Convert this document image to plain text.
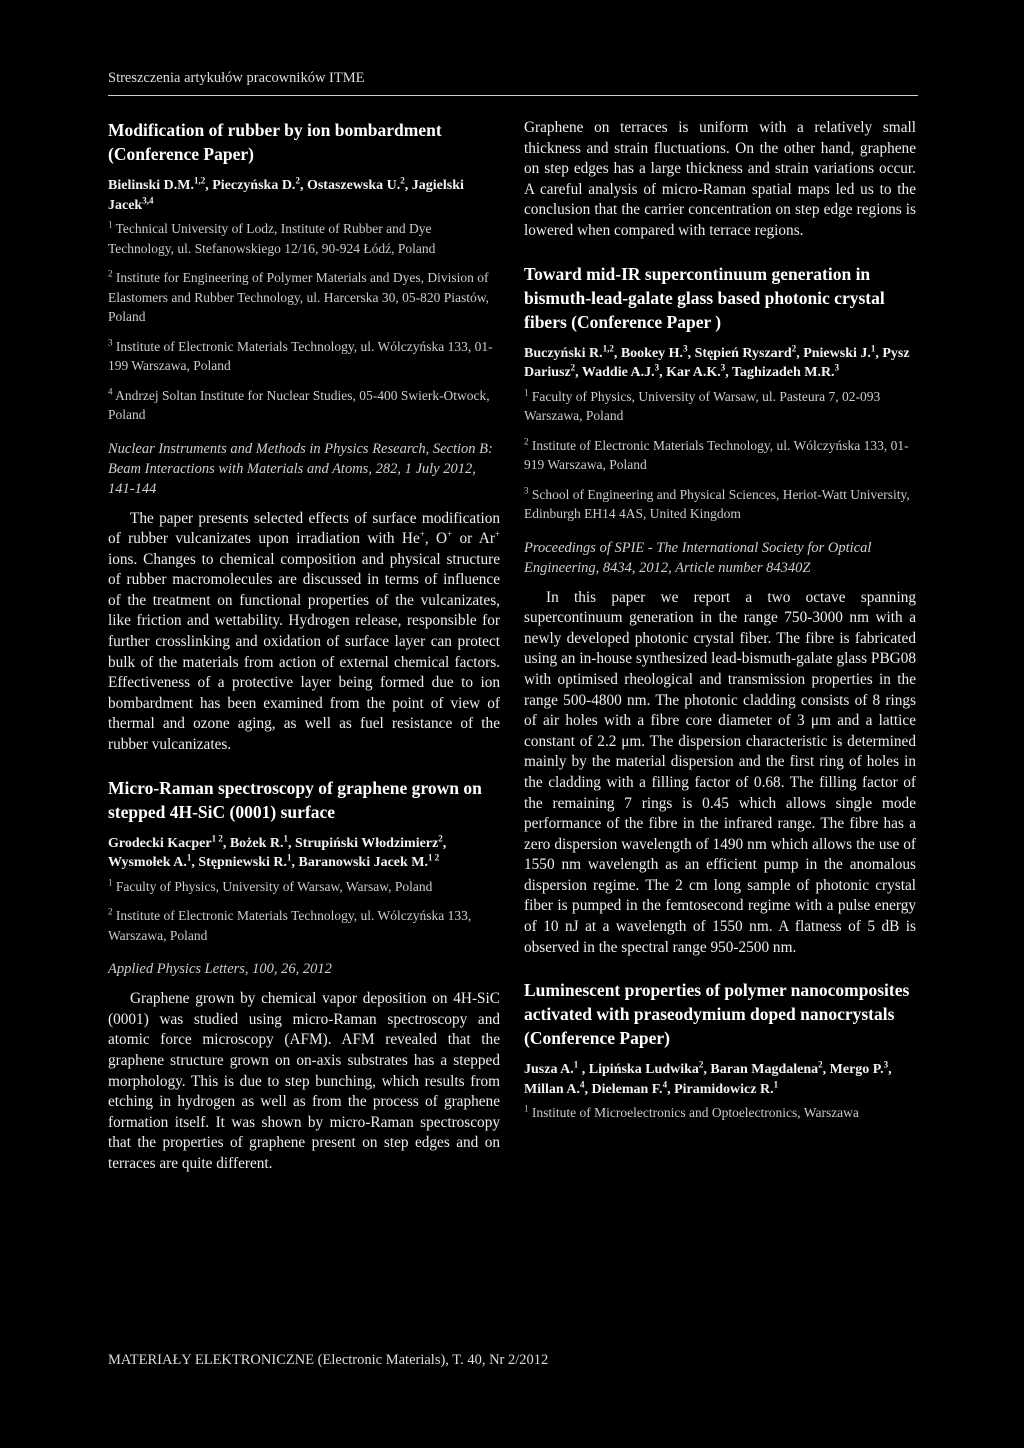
Streszczenia artykułów pracowników ITME
Modification of rubber by ion bombardment (Conference Paper)
Bielinski D.M.$^{1,2}$, Pieczyńska D.$^2$, Ostaszewska U.$^2$, Jagielski Jacek$^{3,4}$
$^1$ Technical University of Lodz, Institute of Rubber and Dye Technology, ul. Stefanowskiego 12/16, 90-924 Łódź, Poland
$^2$ Institute for Engineering of Polymer Materials and Dyes, Division of Elastomers and Rubber Technology, ul. Harcerska 30, 05-820 Piastów, Poland
$^3$ Institute of Electronic Materials Technology, ul. Wólczyńska 133, 01-199 Warszawa, Poland
$^4$ Andrzej Soltan Institute for Nuclear Studies, 05-400 Swierk-Otwock, Poland
Nuclear Instruments and Methods in Physics Research, Section B: Beam Interactions with Materials and Atoms, 282, 1 July 2012, 141-144
The paper presents selected effects of surface modification of rubber vulcanizates upon irradiation with He+, O+ or Ar+ ions. Changes to chemical composition and physical structure of rubber macromolecules are discussed in terms of influence of the treatment on functional properties of the vulcanizates, like friction and wettability. Hydrogen release, responsible for further crosslinking and oxidation of surface layer can protect bulk of the materials from action of external chemical factors. Effectiveness of a protective layer being formed due to ion bombardment has been examined from the point of view of thermal and ozone aging, as well as fuel resistance of the rubber vulcanizates.
Micro-Raman spectroscopy of graphene grown on stepped 4H-SiC (0001) surface
Grodecki Kacper$^{1 2}$, Bożek R.$^1$, Strupiński Włodzimierz$^2$, Wysmołek A.$^1$, Stępniewski R.$^1$, Baranowski Jacek M.$^{1 2}$
$^1$ Faculty of Physics, University of Warsaw, Warsaw, Poland
$^2$ Institute of Electronic Materials Technology, ul. Wólczyńska 133, Warszawa, Poland
Applied Physics Letters, 100, 26, 2012
Graphene grown by chemical vapor deposition on 4H-SiC (0001) was studied using micro-Raman spectroscopy and atomic force microscopy (AFM). AFM revealed that the graphene structure grown on on-axis substrates has a stepped morphology. This is due to step bunching, which results from etching in hydrogen as well as from the process of graphene formation itself. It was shown by micro-Raman spectroscopy that the properties of graphene present on step edges and on terraces are quite different.
Graphene on terraces is uniform with a relatively small thickness and strain fluctuations. On the other hand, graphene on step edges has a large thickness and strain variations occur. A careful analysis of micro-Raman spatial maps led us to the conclusion that the carrier concentration on step edge regions is lowered when compared with terrace regions.
Toward mid-IR supercontinuum generation in bismuth-lead-galate glass based photonic crystal fibers (Conference Paper )
Buczyński R.$^{1,2}$, Bookey H.$^3$, Stępień Ryszard$^2$, Pniewski J.$^1$, Pysz Dariusz$^2$, Waddie A.J.$^3$, Kar A.K.$^3$, Taghizadeh M.R.$^3$
$^1$ Faculty of Physics, University of Warsaw, ul. Pasteura 7, 02-093 Warszawa, Poland
$^2$ Institute of Electronic Materials Technology, ul. Wólczyńska 133, 01-919 Warszawa, Poland
$^3$ School of Engineering and Physical Sciences, Heriot-Watt University, Edinburgh EH14 4AS, United Kingdom
Proceedings of SPIE - The International Society for Optical Engineering, 8434, 2012, Article number 84340Z
In this paper we report a two octave spanning supercontinuum generation in the range 750-3000 nm with a newly developed photonic crystal fiber. The fibre is fabricated using an in-house synthesized lead-bismuth-galate glass PBG08 with optimised rheological and transmission properties in the range 500-4800 nm. The photonic cladding consists of 8 rings of air holes with a fibre core diameter of 3 μm and a lattice constant of 2.2 μm. The dispersion characteristic is determined mainly by the material dispersion and the first ring of holes in the cladding with a filling factor of 0.68. The filling factor of the remaining 7 rings is 0.45 which allows single mode performance of the fibre in the infrared range. The fibre has a zero dispersion wavelength of 1490 nm which allows the use of 1550 nm wavelength as an efficient pump in the anomalous dispersion regime. The 2 cm long sample of photonic crystal fiber is pumped in the femtosecond regime with a pulse energy of 10 nJ at a wavelength of 1550 nm. A flatness of 5 dB is observed in the spectral range 950-2500 nm.
Luminescent properties of polymer nanocomposites activated with praseodymium doped nanocrystals (Conference Paper)
Jusza A.$^1$ , Lipińska Ludwika$^2$, Baran Magdalena$^2$, Mergo P.$^3$, Millan A.$^4$, Dieleman F.$^4$, Piramidowicz R.$^1$
$^1$ Institute of Microelectronics and Optoelectronics, Warszawa
MATERIAŁY ELEKTRONICZNE (Electronic Materials), T. 40, Nr 2/2012
